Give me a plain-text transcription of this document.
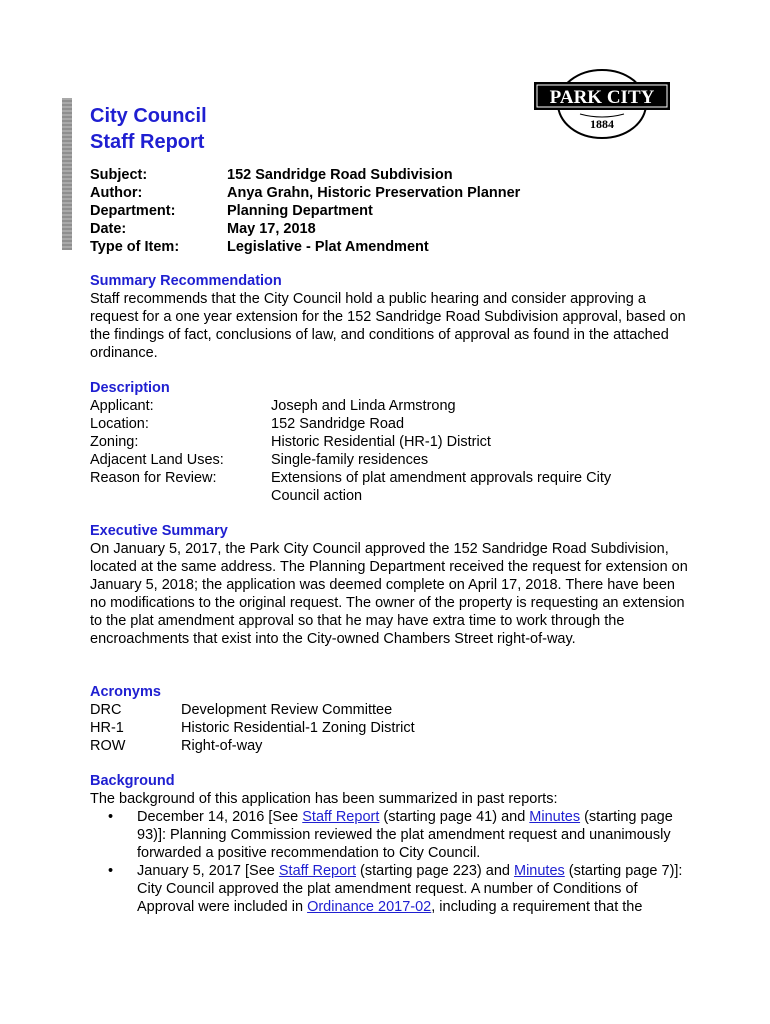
City Council
Staff Report
PARK CITY
1884
Subject:	152 Sandridge Road Subdivision
Author:	Anya Grahn, Historic Preservation Planner
Department:	Planning Department
Date:	May 17, 2018
Type of Item:	Legislative - Plat Amendment
Summary Recommendation

Staff recommends that the City Council hold a public hearing and consider approving a request for a one year extension for the 152 Sandridge Road Subdivision approval, based on the findings of fact, conclusions of law, and conditions of approval as found in the attached ordinance.

Description
Applicant:	Joseph and Linda Armstrong
Location:	152 Sandridge Road
Zoning:	Historic Residential (HR-1) District
Adjacent Land Uses:	Single-family residences
Reason for Review:	Extensions of plat amendment approvals require City Council action
Executive Summary

On January 5, 2017, the Park City Council approved the 152 Sandridge Road Subdivision, located at the same address. The Planning Department received the request for extension on January 5, 2018; the application was deemed complete on April 17, 2018. There have been no modifications to the original request. The owner of the property is requesting an extension to the plat amendment approval so that he may have extra time to work through the encroachments that exist into the City-owned Chambers Street right-of-way.

Acronyms
DRC	Development Review Committee
HR-1	Historic Residential-1 Zoning District
ROW	Right-of-way
Background
The background of this application has been summarized in past reports:
• December 14, 2016 [See Staff Report (starting page 41) and Minutes (starting page 93)]: Planning Commission reviewed the plat amendment request and unanimously forwarded a positive recommendation to City Council.
• January 5, 2017 [See Staff Report (starting page 223) and Minutes (starting page 7)]: City Council approved the plat amendment request. A number of Conditions of Approval were included in Ordinance 2017-02, including a requirement that the
